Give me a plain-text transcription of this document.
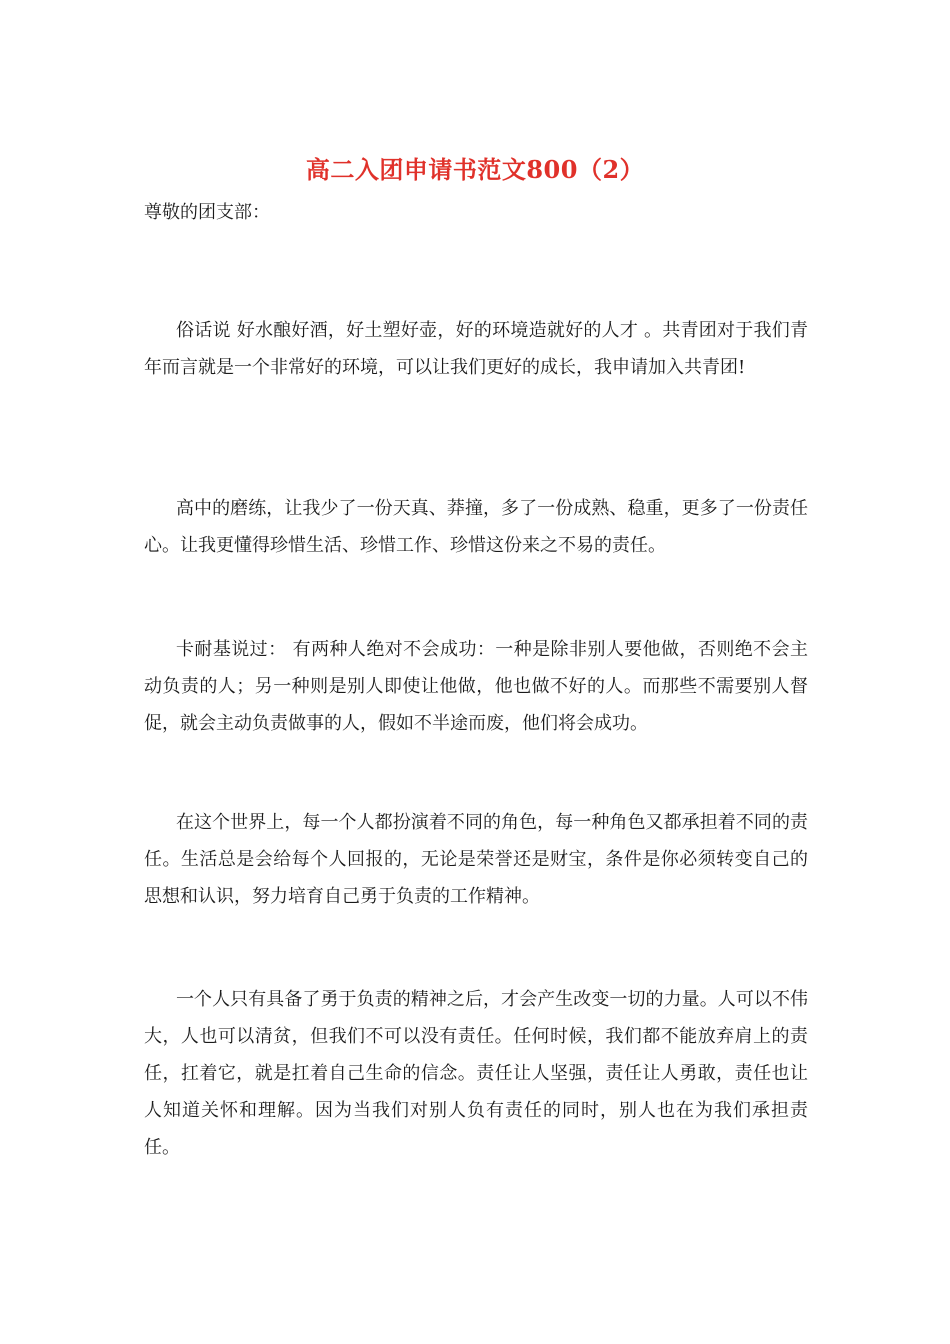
高二入团申请书范文800（2）
尊敬的团支部：

俗话说 好水酿好酒，好土塑好壶，好的环境造就好的人才 。共青团对于我们青年而言就是一个非常好的环境，可以让我们更好的成长，我申请加入共青团!

高中的磨练，让我少了一份天真、莽撞，多了一份成熟、稳重，更多了一份责任心。让我更懂得珍惜生活、珍惜工作、珍惜这份来之不易的责任。

卡耐基说过： 有两种人绝对不会成功：一种是除非别人要他做，否则绝不会主动负责的人；另一种则是别人即使让他做，他也做不好的人。而那些不需要别人督促，就会主动负责做事的人，假如不半途而废，他们将会成功。

在这个世界上，每一个人都扮演着不同的角色，每一种角色又都承担着不同的责任。生活总是会给每个人回报的，无论是荣誉还是财宝，条件是你必须转变自己的思想和认识，努力培育自己勇于负责的工作精神。

一个人只有具备了勇于负责的精神之后，才会产生改变一切的力量。人可以不伟大，人也可以清贫，但我们不可以没有责任。任何时候，我们都不能放弃肩上的责任，扛着它，就是扛着自己生命的信念。责任让人坚强，责任让人勇敢，责任也让人知道关怀和理解。因为当我们对别人负有责任的同时，别人也在为我们承担责任。
